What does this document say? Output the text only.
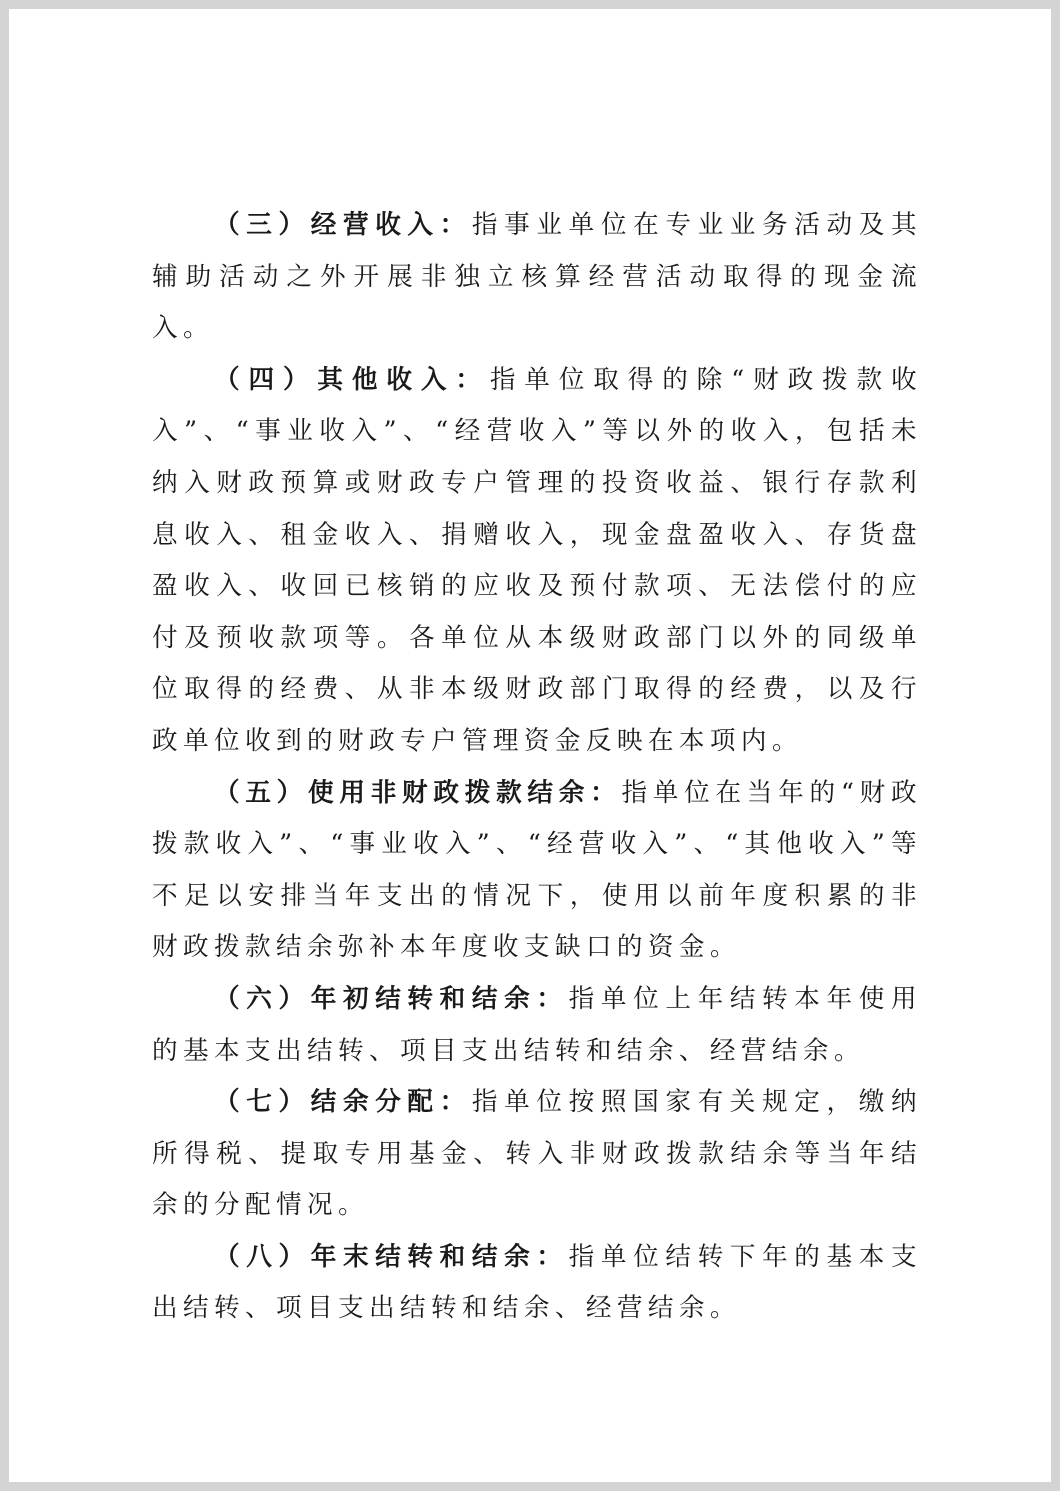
（三）经营收入：指事业单位在专业业务活动及其辅助活动之外开展非独立核算经营活动取得的现金流入。

（四）其他收入：指单位取得的除“财政拨款收入”、“事业收入”、“经营收入”等以外的收入，包括未纳入财政预算或财政专户管理的投资收益、银行存款利息收入、租金收入、捐赠收入，现金盘盈收入、存货盘盈收入、收回已核销的应收及预付款项、无法偿付的应付及预收款项等。各单位从本级财政部门以外的同级单位取得的经费、从非本级财政部门取得的经费，以及行政单位收到的财政专户管理资金反映在本项内。

（五）使用非财政拨款结余：指单位在当年的“财政拨款收入”、“事业收入”、“经营收入”、“其他收入”等不足以安排当年支出的情况下，使用以前年度积累的非财政拨款结余弥补本年度收支缺口的资金。

（六）年初结转和结余：指单位上年结转本年使用的基本支出结转、项目支出结转和结余、经营结余。

（七）结余分配：指单位按照国家有关规定，缴纳所得税、提取专用基金、转入非财政拨款结余等当年结余的分配情况。

（八）年末结转和结余：指单位结转下年的基本支出结转、项目支出结转和结余、经营结余。
